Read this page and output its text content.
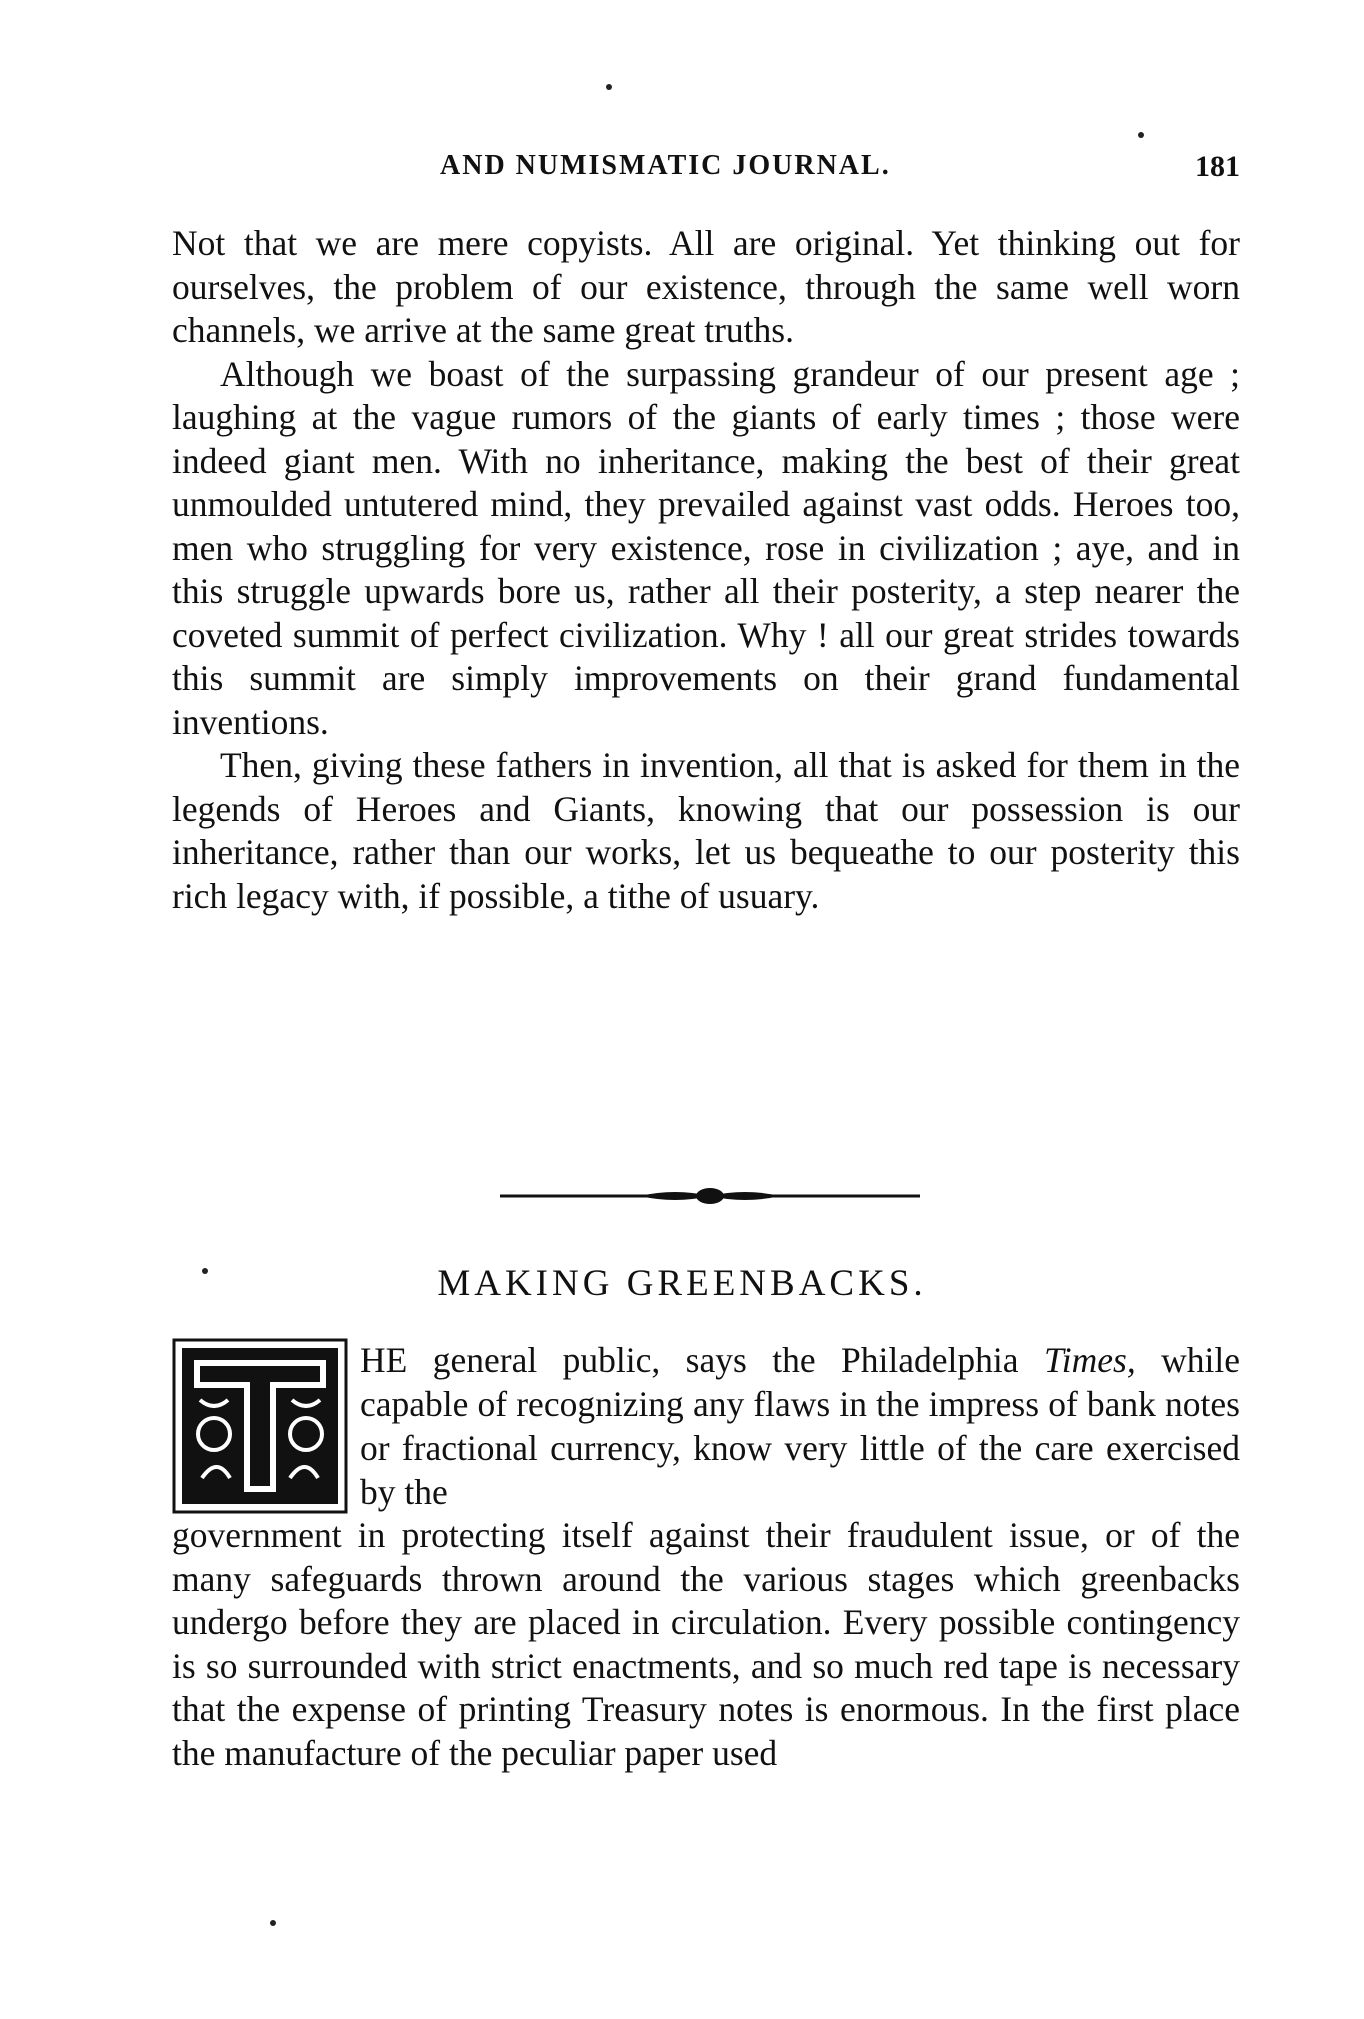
AND NUMISMATIC JOURNAL.	181

Not that we are mere copyists. All are original. Yet thinking out for ourselves, the problem of our existence, through the same well worn channels, we arrive at the same great truths.

Although we boast of the surpassing grandeur of our present age ; laughing at the vague rumors of the giants of early times ; those were indeed giant men. With no inheritance, making the best of their great unmoulded untutered mind, they prevailed against vast odds. Heroes too, men who struggling for very existence, rose in civilization ; aye, and in this struggle upwards bore us, rather all their posterity, a step nearer the coveted summit of perfect civilization. Why ! all our great strides towards this summit are simply improvements on their grand fundamental inventions.

Then, giving these fathers in invention, all that is asked for them in the legends of Heroes and Giants, knowing that our possession is our inheritance, rather than our works, let us bequeathe to our posterity this rich legacy with, if possible, a tithe of usuary.

MAKING GREENBACKS.
HE general public, says the Philadelphia Times, while capable of recognizing any flaws in the impress of bank notes or fractional currency, know very little of the care exercised by the

government in protecting itself against their fraudulent issue, or of the many safeguards thrown around the various stages which greenbacks undergo before they are placed in circulation. Every possible contingency is so surrounded with strict enactments, and so much red tape is necessary that the expense of printing Treasury notes is enormous. In the first place the manufacture of the peculiar paper used
